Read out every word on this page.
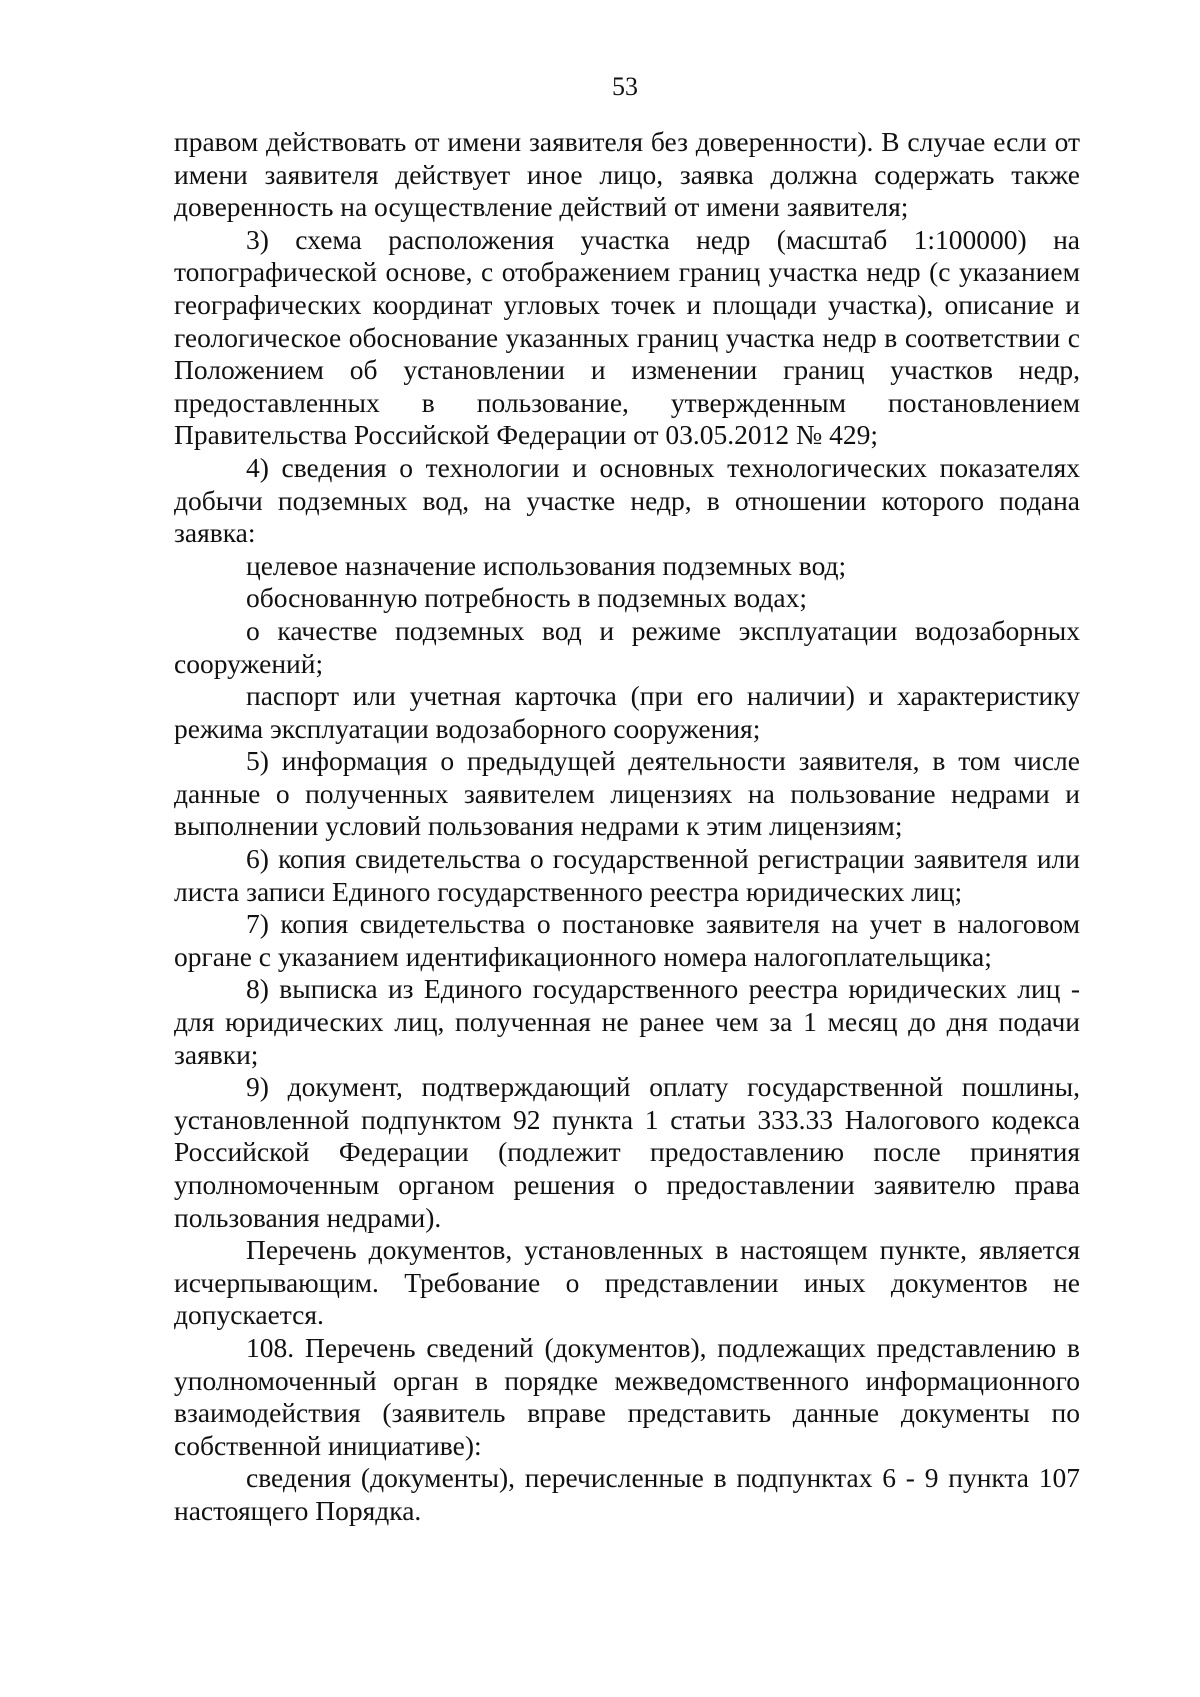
53

правом действовать от имени заявителя без доверенности). В случае если от имени заявителя действует иное лицо, заявка должна содержать также доверенность на осуществление действий от имени заявителя;

3) схема расположения участка недр (масштаб 1:100000) на топографической основе, с отображением границ участка недр (с указанием географических координат угловых точек и площади участка), описание и геологическое обоснование указанных границ участка недр в соответствии с Положением об установлении и изменении границ участков недр, предоставленных в пользование, утвержденным постановлением Правительства Российской Федерации от 03.05.2012 № 429;

4) сведения о технологии и основных технологических показателях добычи подземных вод, на участке недр, в отношении которого подана заявка:

целевое назначение использования подземных вод;

обоснованную потребность в подземных водах;

о качестве подземных вод и режиме эксплуатации водозаборных сооружений;

паспорт или учетная карточка (при его наличии) и характеристику режима эксплуатации водозаборного сооружения;

5) информация о предыдущей деятельности заявителя, в том числе данные о полученных заявителем лицензиях на пользование недрами и выполнении условий пользования недрами к этим лицензиям;

6) копия свидетельства о государственной регистрации заявителя или листа записи Единого государственного реестра юридических лиц;

7) копия свидетельства о постановке заявителя на учет в налоговом органе с указанием идентификационного номера налогоплательщика;

8) выписка из Единого государственного реестра юридических лиц - для юридических лиц, полученная не ранее чем за 1 месяц до дня подачи заявки;

9) документ, подтверждающий оплату государственной пошлины, установленной подпунктом 92 пункта 1 статьи 333.33 Налогового кодекса Российской Федерации (подлежит предоставлению после принятия уполномоченным органом решения о предоставлении заявителю права пользования недрами).

Перечень документов, установленных в настоящем пункте, является исчерпывающим. Требование о представлении иных документов не допускается.

108. Перечень сведений (документов), подлежащих представлению в уполномоченный орган в порядке межведомственного информационного взаимодействия (заявитель вправе представить данные документы по собственной инициативе):

сведения (документы), перечисленные в подпунктах 6 - 9 пункта 107 настоящего Порядка.
